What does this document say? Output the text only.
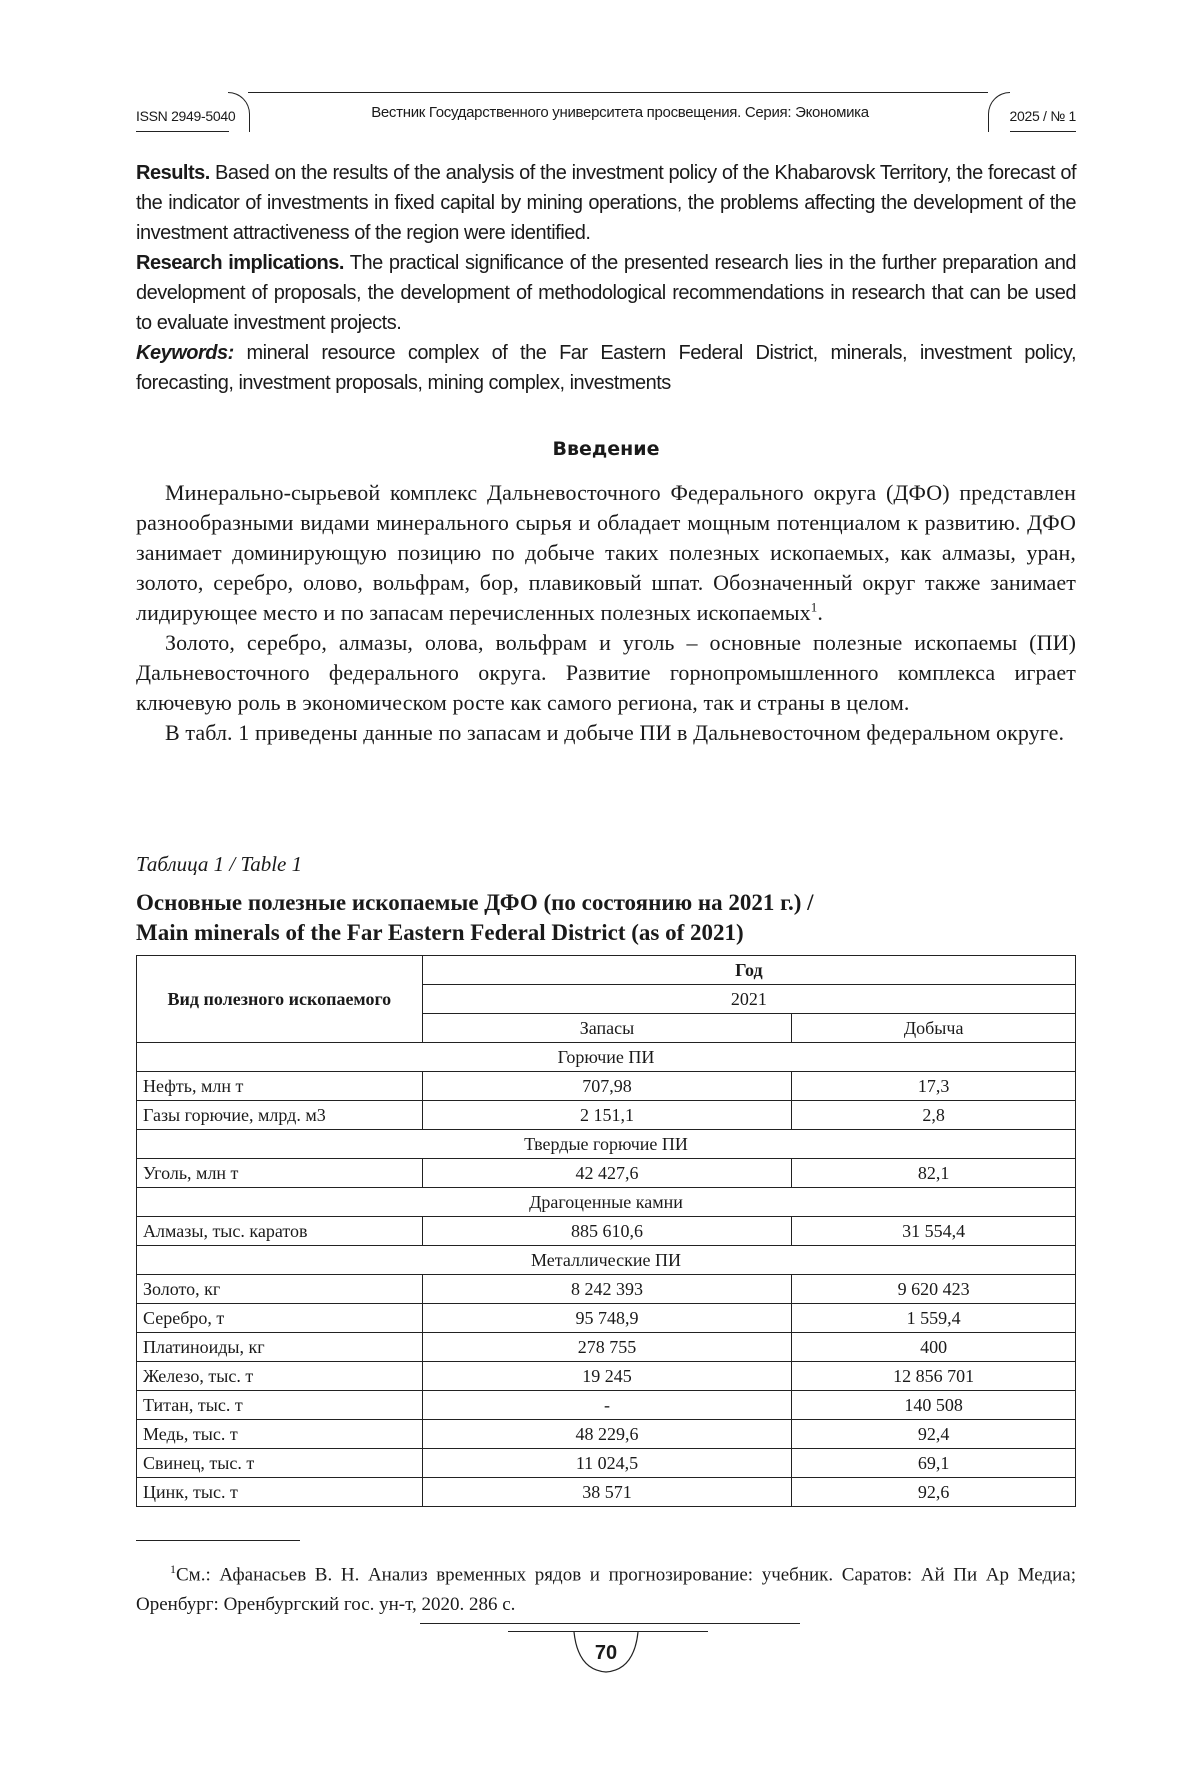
ISSN 2949-5040	Вестник Государственного университета просвещения. Серия: Экономика	2025 / № 1

Results. Based on the results of the analysis of the investment policy of the Khabarovsk Territory, the forecast of the indicator of investments in fixed capital by mining operations, the problems affecting the development of the investment attractiveness of the region were identified.

Research implications. The practical significance of the presented research lies in the further preparation and development of proposals, the development of methodological recommendations in research that can be used to evaluate investment projects.

Keywords: mineral resource complex of the Far Eastern Federal District, minerals, investment policy, forecasting, investment proposals, mining complex, investments

Введение

Минерально-сырьевой комплекс Дальневосточного Федерального округа (ДФО) представлен разнообразными видами минерального сырья и обладает мощным потенциалом к развитию. ДФО занимает доминирующую позицию по добыче таких полезных ископаемых, как алмазы, уран, золото, серебро, олово, вольфрам, бор, плавиковый шпат. Обозначенный округ также занимает лидирующее место и по запасам перечисленных полезных ископаемых$^1$.

Золото, серебро, алмазы, олова, вольфрам и уголь – основные полезные ископаемы (ПИ) Дальневосточного федерального округа. Развитие горнопромышленного комплекса играет ключевую роль в экономическом росте как самого региона, так и страны в целом.

В табл. 1 приведены данные по запасам и добыче ПИ в Дальневосточном федеральном округе.

Таблица 1 / Table 1
Основные полезные ископаемые ДФО (по состоянию на 2021 г.) /
Main minerals of the Far Eastern Federal District (as of 2021)
Вид полезного ископаемого	Год	
	2021	
	Запасы	Добыча
Горючие ПИ		
Нефть, млн т	707,98	17,3
Газы горючие, млрд. м3	2 151,1	2,8
Твердые горючие ПИ		
Уголь, млн т	42 427,6	82,1
Драгоценные камни		
Алмазы, тыс. каратов	885 610,6	31 554,4
Металлические ПИ		
Золото, кг	8 242 393	9 620 423
Серебро, т	95 748,9	1 559,4
Платиноиды, кг	278 755	400
Железо, тыс. т	19 245	12 856 701
Титан, тыс. т	-	140 508
Медь, тыс. т	48 229,6	92,4
Свинец, тыс. т	11 024,5	69,1
Цинк, тыс. т	38 571	92,6
$^1$См.: Афанасьев В. Н. Анализ временных рядов и прогнозирование: учебник. Саратов: Ай Пи Ар Медиа; Оренбург: Оренбургский гос. ун-т, 2020. 286 с.
70
